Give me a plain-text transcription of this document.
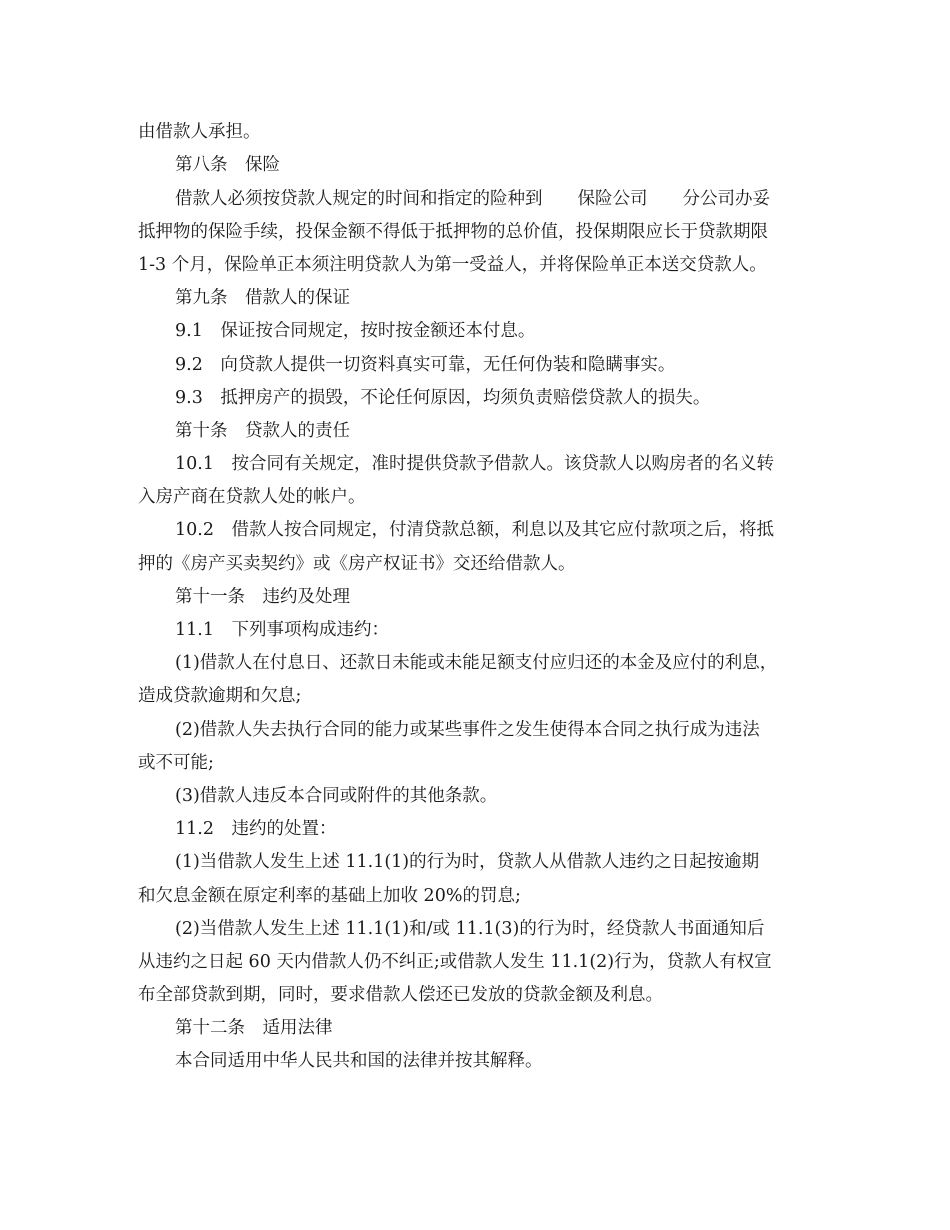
由借款人承担。
第八条　保险
借款人必须按贷款人规定的时间和指定的险种到　　保险公司　　分公司办妥
抵押物的保险手续，投保金额不得低于抵押物的总价值，投保期限应长于贷款期限
1-3 个月，保险单正本须注明贷款人为第一受益人，并将保险单正本送交贷款人。
第九条　借款人的保证
9.1　保证按合同规定，按时按金额还本付息。
9.2　向贷款人提供一切资料真实可靠，无任何伪装和隐瞒事实。
9.3　抵押房产的损毁，不论任何原因，均须负责赔偿贷款人的损失。
第十条　贷款人的责任
10.1　按合同有关规定，准时提供贷款予借款人。该贷款人以购房者的名义转
入房产商在贷款人处的帐户。
10.2　借款人按合同规定，付清贷款总额，利息以及其它应付款项之后，将抵
押的《房产买卖契约》或《房产权证书》交还给借款人。
第十一条　违约及处理
11.1　下列事项构成违约：
(1)借款人在付息日、还款日未能或未能足额支付应归还的本金及应付的利息，
造成贷款逾期和欠息;
(2)借款人失去执行合同的能力或某些事件之发生使得本合同之执行成为违法
或不可能;
(3)借款人违反本合同或附件的其他条款。
11.2　违约的处置：
(1)当借款人发生上述 11.1(1)的行为时，贷款人从借款人违约之日起按逾期
和欠息金额在原定利率的基础上加收 20%的罚息;
(2)当借款人发生上述 11.1(1)和/或 11.1(3)的行为时，经贷款人书面通知后
从违约之日起 60 天内借款人仍不纠正;或借款人发生 11.1(2)行为，贷款人有权宣
布全部贷款到期，同时，要求借款人偿还已发放的贷款金额及利息。
第十二条　适用法律
本合同适用中华人民共和国的法律并按其解释。
